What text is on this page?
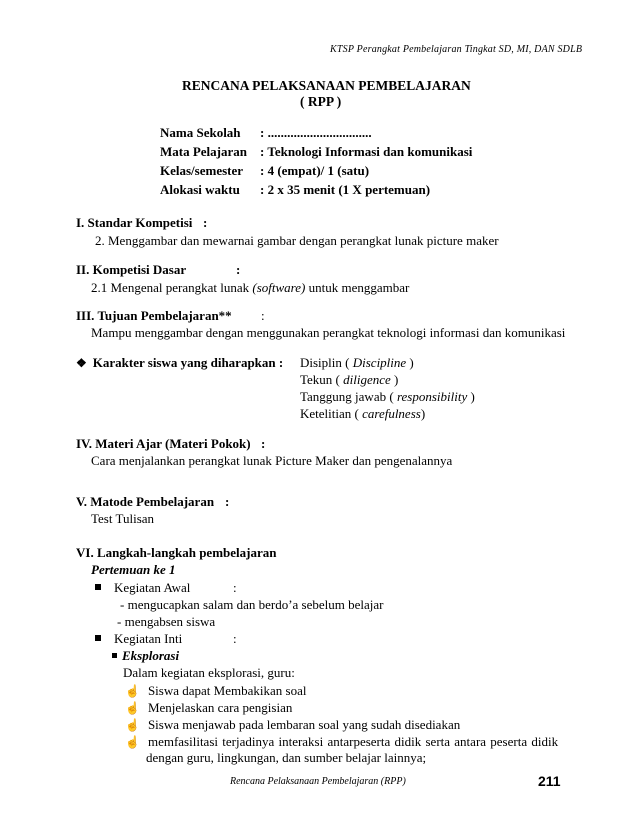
KTSP Perangkat Pembelajaran Tingkat SD, MI, DAN SDLB
RENCANA PELAKSANAAN PEMBELAJARAN
( RPP )
Nama Sekolah : ................................
Mata Pelajaran : Teknologi Informasi dan komunikasi
Kelas/semester : 4 (empat)/ 1 (satu)
Alokasi waktu : 2 x 35 menit (1 X pertemuan)
I. Standar Kompetisi :
2. Menggambar dan mewarnai gambar dengan perangkat lunak picture maker
II. Kompetisi Dasar	:
2.1 Mengenal perangkat lunak (software) untuk menggambar
III. Tujuan Pembelajaran** :
Mampu menggambar dengan menggunakan perangkat teknologi informasi dan komunikasi
❖ Karakter siswa yang diharapkan : Disiplin ( Discipline )
Tekun ( diligence )
Tanggung jawab ( responsibility )
Ketelitian ( carefulness)
IV. Materi Ajar (Materi Pokok) :
Cara menjalankan perangkat lunak Picture Maker dan pengenalannya
V. Matode Pembelajaran :
Test Tulisan
VI. Langkah-langkah pembelajaran
Pertemuan ke 1
Kegiatan Awal	:
- mengucapkan salam dan berdo’a sebelum belajar
- mengabsen siswa
Kegiatan Inti	:
Eksplorasi
Dalam kegiatan eksplorasi, guru:
☝ Siswa dapat Membakikan soal
☝ Menjelaskan cara pengisian
☝ Siswa menjawab pada lembaran soal yang sudah disediakan
☝ memfasilitasi terjadinya interaksi antarpeserta didik serta antara peserta didik
dengan guru, lingkungan, dan sumber belajar lainnya;
Rencana Pelaksanaan Pembelajaran (RPP)	211
